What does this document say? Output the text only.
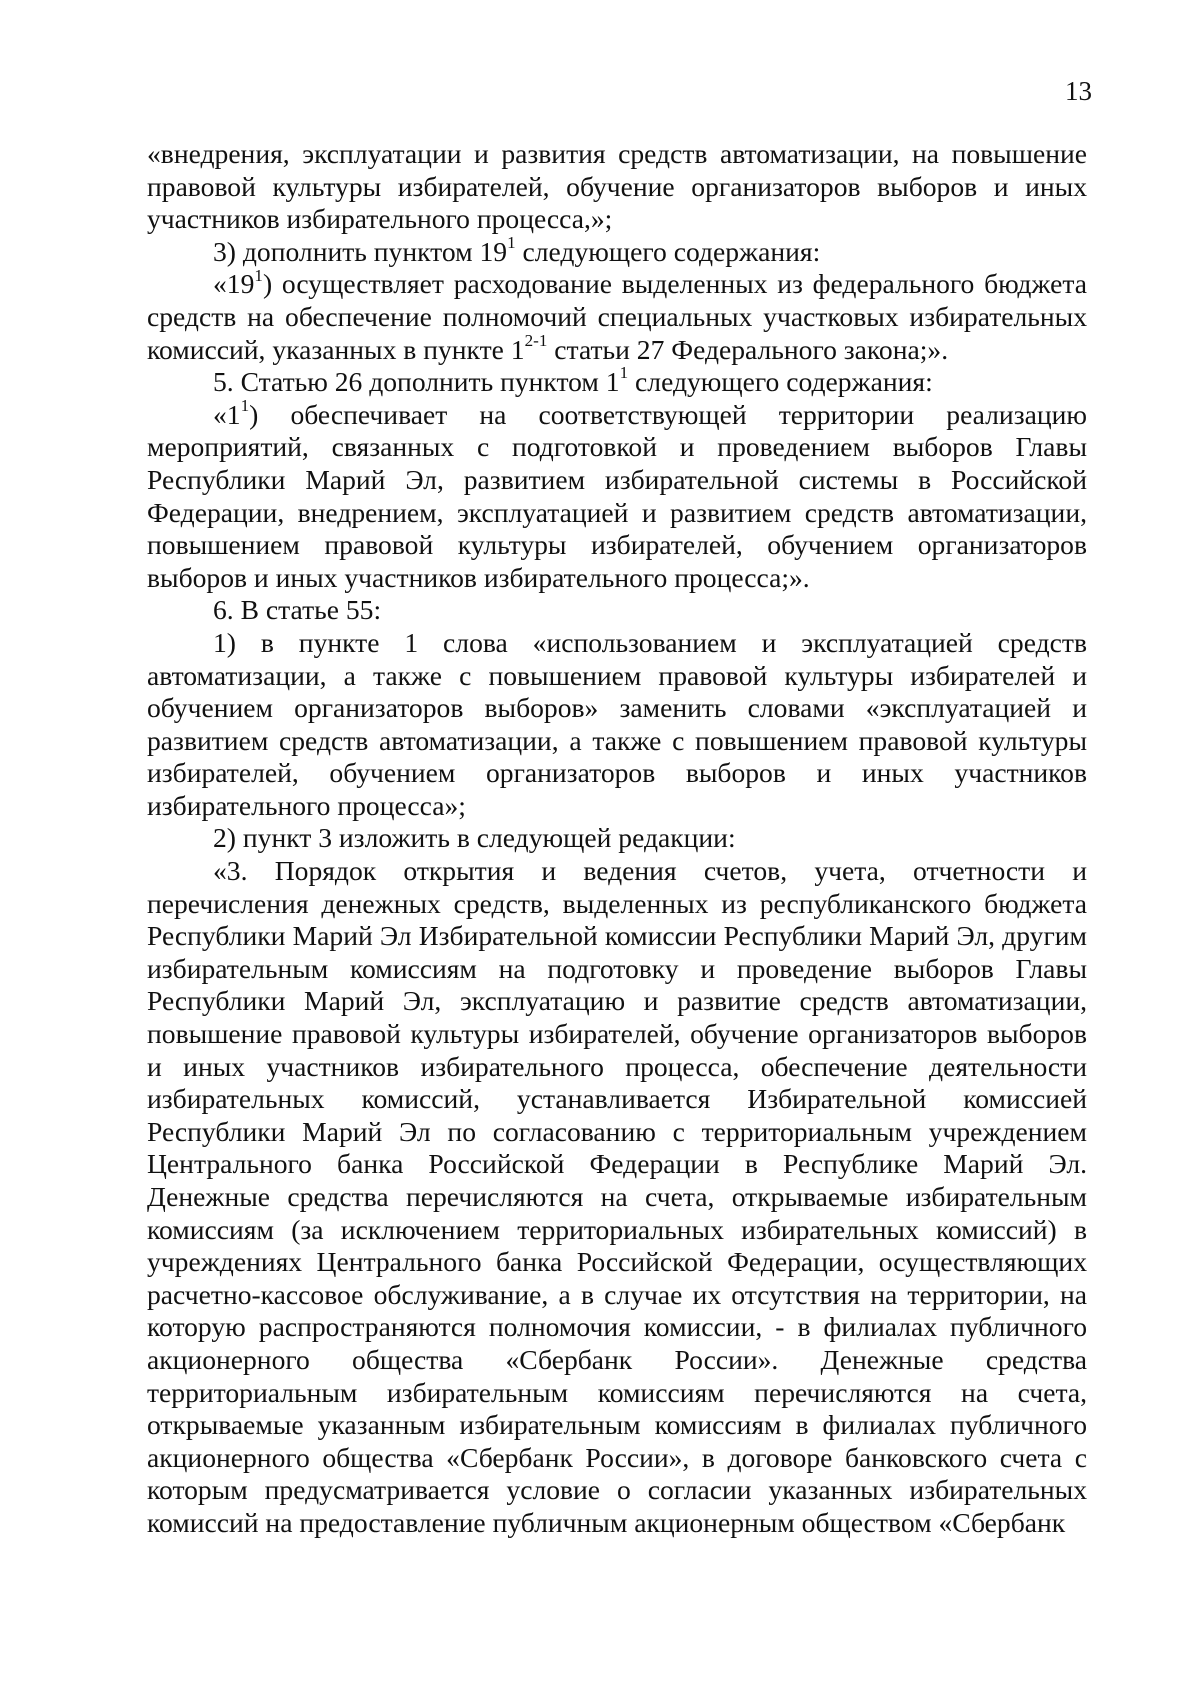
13

«внедрения, эксплуатации и развития средств автоматизации, на повышение правовой культуры избирателей, обучение организаторов выборов и иных участников избирательного процесса,»;

3) дополнить пунктом $19^1$ следующего содержания:

«$19^1$) осуществляет расходование выделенных из федерального бюджета средств на обеспечение полномочий специальных участковых избирательных комиссий, указанных в пункте 1$^{2-1}$ статьи 27 Федерального закона;».

5. Статью 26 дополнить пунктом $1^1$ следующего содержания:

«$1^1$) обеспечивает на соответствующей территории реализацию мероприятий, связанных с подготовкой и проведением выборов Главы Республики Марий Эл, развитием избирательной системы в Российской Федерации, внедрением, эксплуатацией и развитием средств автоматизации, повышением правовой культуры избирателей, обучением организаторов выборов и иных участников избирательного процесса;».

6. В статье 55:

1) в пункте 1 слова «использованием и эксплуатацией средств автоматизации, а также с повышением правовой культуры избирателей и обучением организаторов выборов» заменить словами «эксплуатацией и развитием средств автоматизации, а также с повышением правовой культуры избирателей, обучением организаторов выборов и иных участников избирательного процесса»;

2) пункт 3 изложить в следующей редакции:

«3. Порядок открытия и ведения счетов, учета, отчетности и перечисления денежных средств, выделенных из республиканского бюджета Республики Марий Эл Избирательной комиссии Республики Марий Эл, другим избирательным комиссиям на подготовку и проведение выборов Главы Республики Марий Эл, эксплуатацию и развитие средств автоматизации, повышение правовой культуры избирателей, обучение организаторов выборов и иных участников избирательного процесса, обеспечение деятельности избирательных комиссий, устанавливается Избирательной комиссией Республики Марий Эл по согласованию с территориальным учреждением Центрального банка Российской Федерации в Республике Марий Эл. Денежные средства перечисляются на счета, открываемые избирательным комиссиям (за исключением территориальных избирательных комиссий) в учреждениях Центрального банка Российской Федерации, осуществляющих расчетно-кассовое обслуживание, а в случае их отсутствия на территории, на которую распространяются полномочия комиссии, - в филиалах публичного акционерного общества «Сбербанк России». Денежные средства территориальным избирательным комиссиям перечисляются на счета, открываемые указанным избирательным комиссиям в филиалах публичного акционерного общества «Сбербанк России», в договоре банковского счета с которым предусматривается условие о согласии указанных избирательных комиссий на предоставление публичным акционерным обществом «Сбербанк
